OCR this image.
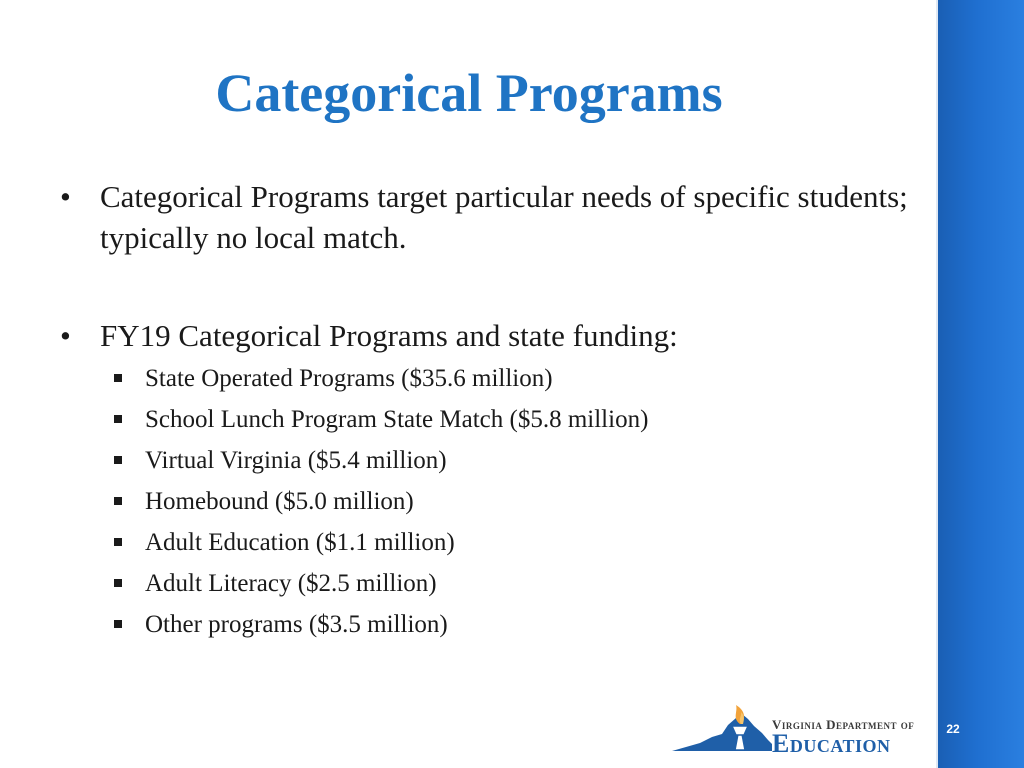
Categorical Programs
• Categorical Programs target particular needs of specific students; typically no local match.
• FY19 Categorical Programs and state funding:
State Operated Programs ($35.6 million)
School Lunch Program State Match ($5.8 million)
Virtual Virginia ($5.4 million)
Homebound ($5.0 million)
Adult Education ($1.1 million)
Adult Literacy ($2.5 million)
Other programs ($3.5 million)
Virginia Department of
Education	22
